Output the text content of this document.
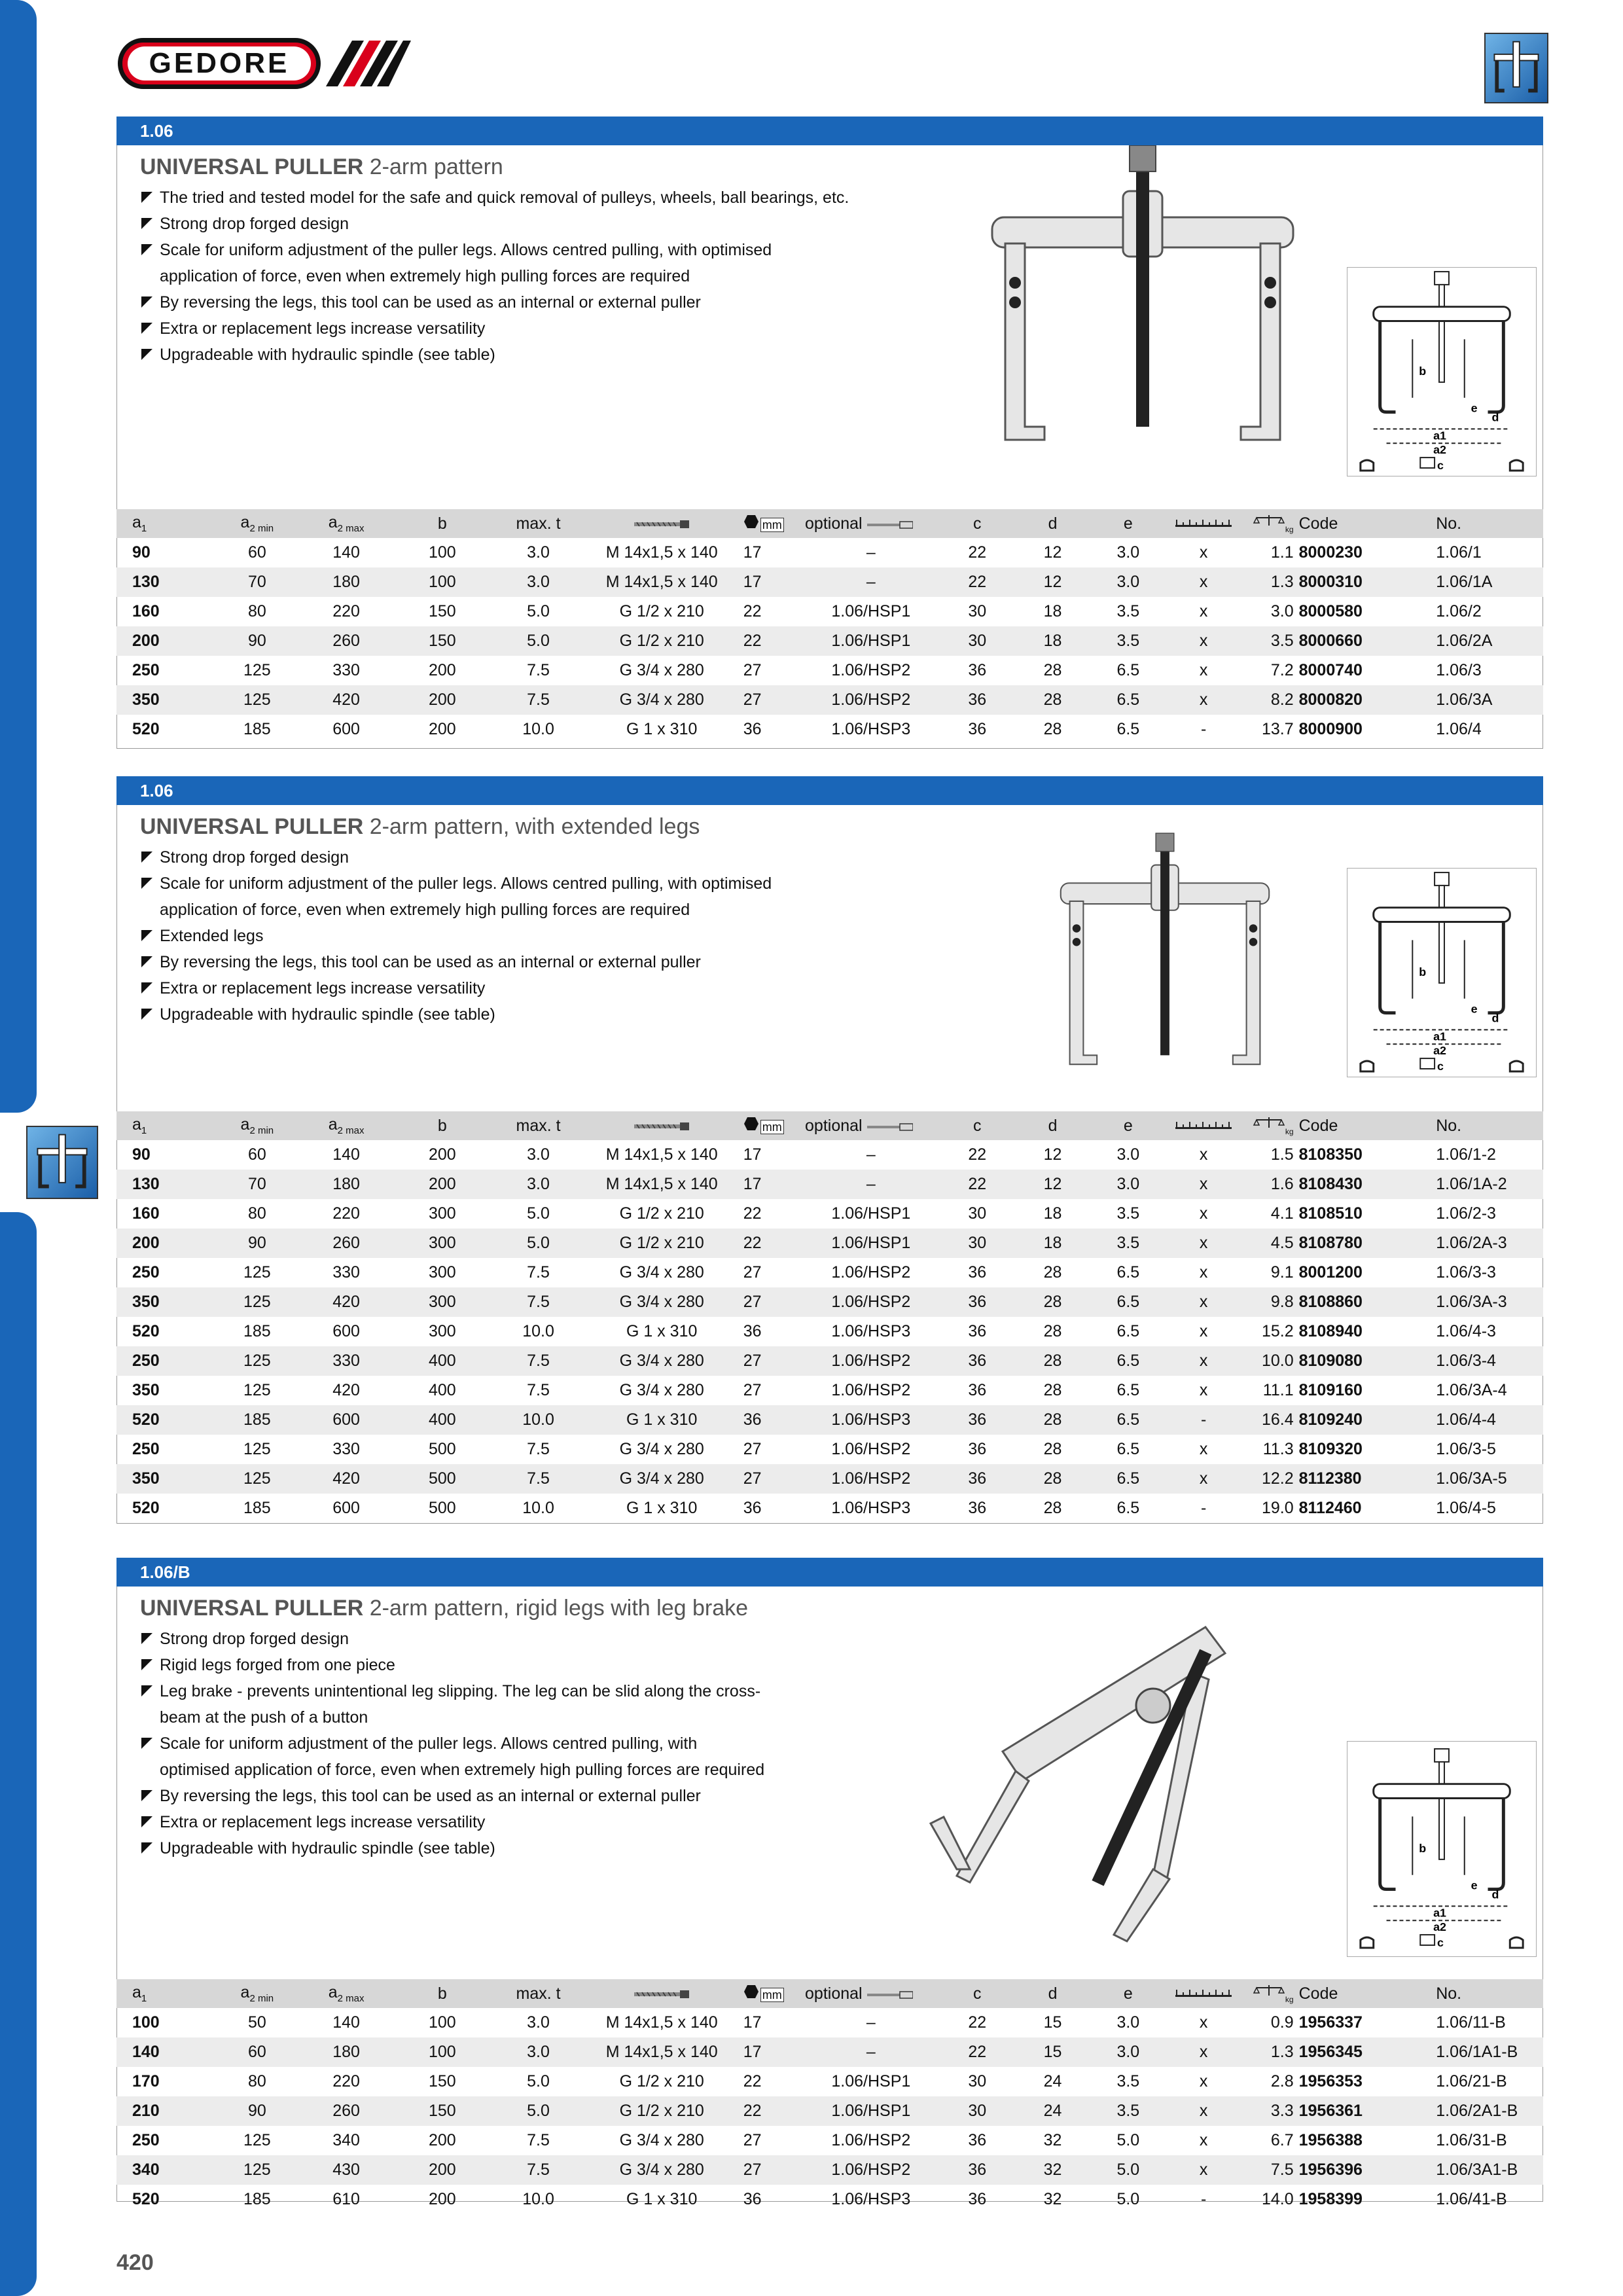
GEDORE
1.06
UNIVERSAL PULLER 2-arm pattern
The tried and tested model for the safe and quick removal of pulleys, wheels, ball bearings, etc.
Strong drop forged design
Scale for uniform adjustment of the puller legs. Allows centred pulling, with optimised
application of force, even when extremely high pulling forces are required
By reversing the legs, this tool can be used as an internal or external puller
Extra or replacement legs increase versatility
Upgradeable with hydraulic spindle (see table)
b
e
d
a1
a2
c
$a_1$	$a_{2 min}$	$a_{2 max}$	b	max. t		mm	optional	c	d	e		$_{kg}$	Code	No.
90	60	140	100	3.0	M 14x1,5 x 140	17	–	22	12	3.0	x	1.1	8000230	1.06/1
130	70	180	100	3.0	M 14x1,5 x 140	17	–	22	12	3.0	x	1.3	8000310	1.06/1A
160	80	220	150	5.0	G 1/2 x 210	22	1.06/HSP1	30	18	3.5	x	3.0	8000580	1.06/2
200	90	260	150	5.0	G 1/2 x 210	22	1.06/HSP1	30	18	3.5	x	3.5	8000660	1.06/2A
250	125	330	200	7.5	G 3/4 x 280	27	1.06/HSP2	36	28	6.5	x	7.2	8000740	1.06/3
350	125	420	200	7.5	G 3/4 x 280	27	1.06/HSP2	36	28	6.5	x	8.2	8000820	1.06/3A
520	185	600	200	10.0	G 1 x 310	36	1.06/HSP3	36	28	6.5	-	13.7	8000900	1.06/4
1.06
UNIVERSAL PULLER 2-arm pattern, with extended legs
Strong drop forged design
Scale for uniform adjustment of the puller legs. Allows centred pulling, with optimised
application of force, even when extremely high pulling forces are required
Extended legs
By reversing the legs, this tool can be used as an internal or external puller
Extra or replacement legs increase versatility
Upgradeable with hydraulic spindle (see table)
b
e
d
a1
a2
c
$a_1$	$a_{2 min}$	$a_{2 max}$	b	max. t		mm	optional	c	d	e		$_{kg}$	Code	No.
90	60	140	200	3.0	M 14x1,5 x 140	17	–	22	12	3.0	x	1.5	8108350	1.06/1-2
130	70	180	200	3.0	M 14x1,5 x 140	17	–	22	12	3.0	x	1.6	8108430	1.06/1A-2
160	80	220	300	5.0	G 1/2 x 210	22	1.06/HSP1	30	18	3.5	x	4.1	8108510	1.06/2-3
200	90	260	300	5.0	G 1/2 x 210	22	1.06/HSP1	30	18	3.5	x	4.5	8108780	1.06/2A-3
250	125	330	300	7.5	G 3/4 x 280	27	1.06/HSP2	36	28	6.5	x	9.1	8001200	1.06/3-3
350	125	420	300	7.5	G 3/4 x 280	27	1.06/HSP2	36	28	6.5	x	9.8	8108860	1.06/3A-3
520	185	600	300	10.0	G 1 x 310	36	1.06/HSP3	36	28	6.5	x	15.2	8108940	1.06/4-3
250	125	330	400	7.5	G 3/4 x 280	27	1.06/HSP2	36	28	6.5	x	10.0	8109080	1.06/3-4
350	125	420	400	7.5	G 3/4 x 280	27	1.06/HSP2	36	28	6.5	x	11.1	8109160	1.06/3A-4
520	185	600	400	10.0	G 1 x 310	36	1.06/HSP3	36	28	6.5	-	16.4	8109240	1.06/4-4
250	125	330	500	7.5	G 3/4 x 280	27	1.06/HSP2	36	28	6.5	x	11.3	8109320	1.06/3-5
350	125	420	500	7.5	G 3/4 x 280	27	1.06/HSP2	36	28	6.5	x	12.2	8112380	1.06/3A-5
520	185	600	500	10.0	G 1 x 310	36	1.06/HSP3	36	28	6.5	-	19.0	8112460	1.06/4-5
1.06/B
UNIVERSAL PULLER 2-arm pattern, rigid legs with leg brake
Strong drop forged design
Rigid legs forged from one piece
Leg brake - prevents unintentional leg slipping. The leg can be slid along the cross-
beam at the push of a button
Scale for uniform adjustment of the puller legs. Allows centred pulling, with
optimised application of force, even when extremely high pulling forces are required
By reversing the legs, this tool can be used as an internal or external puller
Extra or replacement legs increase versatility
Upgradeable with hydraulic spindle (see table)	b
e
d
a1
a2
c
$a_1$	$a_{2 min}$	$a_{2 max}$	b	max. t		mm	optional	c	d	e		$_{kg}$	Code	No.
100	50	140	100	3.0	M 14x1,5 x 140	17	–	22	15	3.0	x	0.9	1956337	1.06/11-B
140	60	180	100	3.0	M 14x1,5 x 140	17	–	22	15	3.0	x	1.3	1956345	1.06/1A1-B
170	80	220	150	5.0	G 1/2 x 210	22	1.06/HSP1	30	24	3.5	x	2.8	1956353	1.06/21-B
210	90	260	150	5.0	G 1/2 x 210	22	1.06/HSP1	30	24	3.5	x	3.3	1956361	1.06/2A1-B
250	125	340	200	7.5	G 3/4 x 280	27	1.06/HSP2	36	32	5.0	x	6.7	1956388	1.06/31-B
340	125	430	200	7.5	G 3/4 x 280	27	1.06/HSP2	36	32	5.0	x	7.5	1956396	1.06/3A1-B
520	185	610	200	10.0	G 1 x 310	36	1.06/HSP3	36	32	5.0	-	14.0	1958399	1.06/41-B
420
